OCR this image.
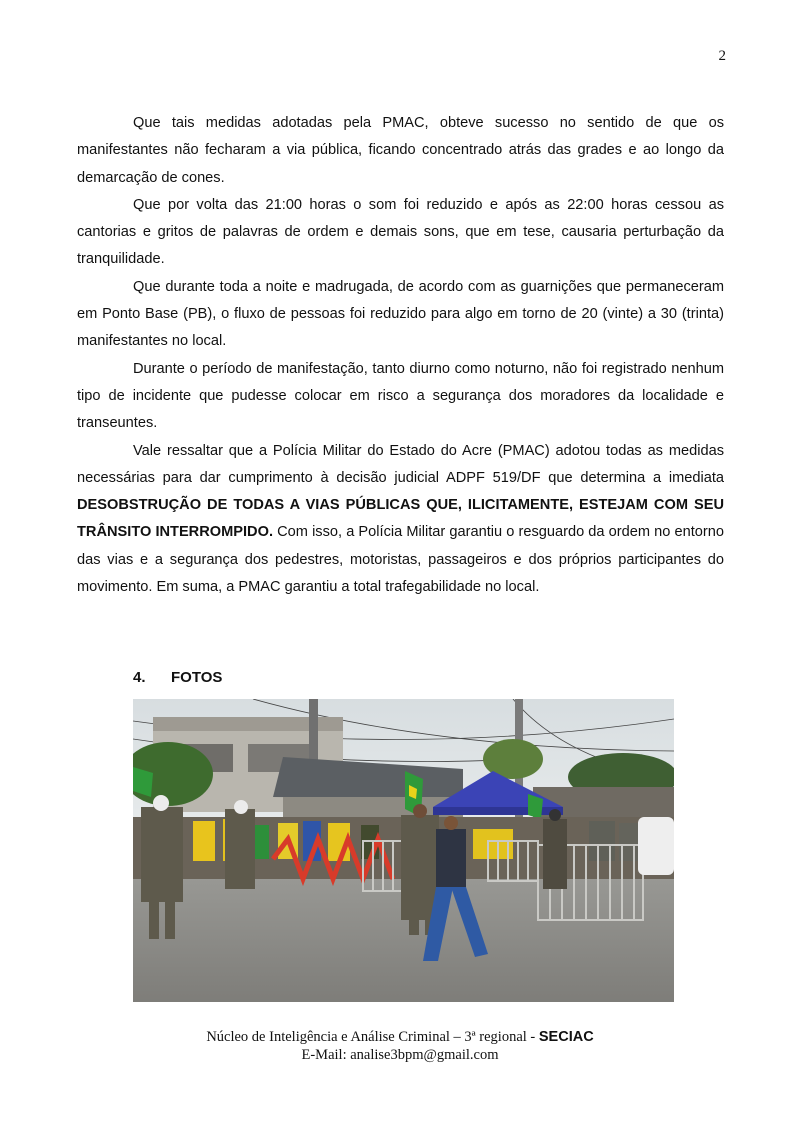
2

Que tais medidas adotadas pela PMAC, obteve sucesso no sentido de que os manifestantes não fecharam a via pública, ficando concentrado atrás das grades e ao longo da demarcação de cones.

Que por volta das 21:00 horas o som foi reduzido e após as 22:00 horas cessou as cantorias e gritos de palavras de ordem e demais sons, que em tese, causaria perturbação da tranquilidade.

Que durante toda a noite e madrugada, de acordo com as guarnições que permaneceram em Ponto Base (PB), o fluxo de pessoas foi reduzido para algo em torno de 20 (vinte) a 30 (trinta) manifestantes no local.

Durante o período de manifestação, tanto diurno como noturno, não foi registrado nenhum tipo de incidente que pudesse colocar em risco a segurança dos moradores da localidade e transeuntes.

Vale ressaltar que a Polícia Militar do Estado do Acre (PMAC) adotou todas as medidas necessárias para dar cumprimento à decisão judicial ADPF 519/DF que determina a imediata DESOBSTRUÇÃO DE TODAS A VIAS PÚBLICAS QUE, ILICITAMENTE, ESTEJAM COM SEU TRÂNSITO INTERROMPIDO. Com isso, a Polícia Militar garantiu o resguardo da ordem no entorno das vias e a segurança dos pedestres, motoristas, passageiros e dos próprios participantes do movimento. Em suma, a PMAC garantiu a total trafegabilidade no local.

4. FOTOS
Núcleo de Inteligência e Análise Criminal – 3ª regional - SECIAC
E-Mail: analise3bpm@gmail.com
